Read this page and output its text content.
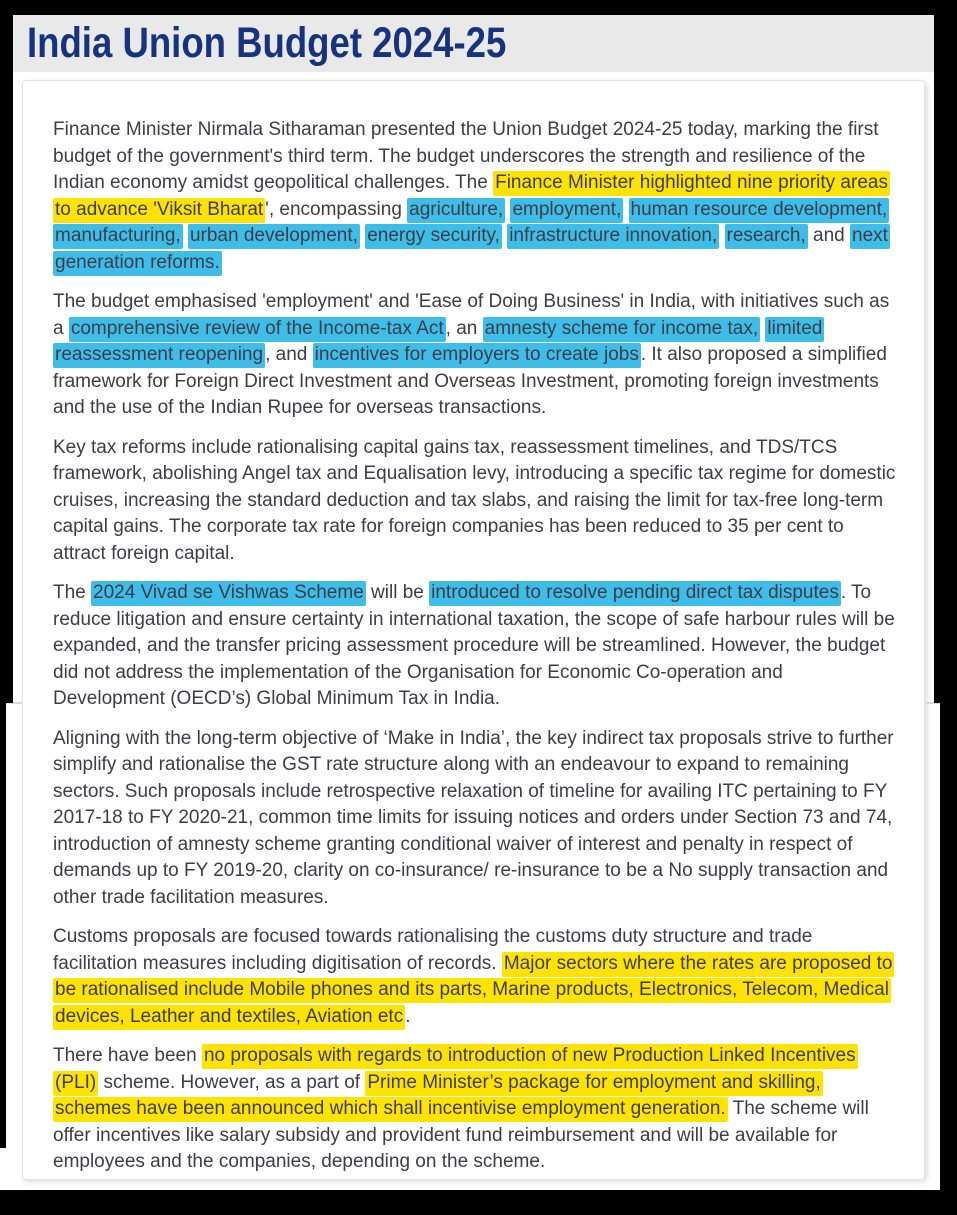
India Union Budget 2024-25

Finance Minister Nirmala Sitharaman presented the Union Budget 2024-25 today, marking the first budget of the government's third term. The budget underscores the strength and resilience of the Indian economy amidst geopolitical challenges. The Finance Minister highlighted nine priority areas to advance 'Viksit Bharat ', encompassing agriculture, employment, human resource development, manufacturing, urban development, energy security, infrastructure innovation, research, and next generation reforms.

The budget emphasised 'employment' and 'Ease of Doing Business' in India, with initiatives such as a comprehensive review of the Income-tax Act , an amnesty scheme for income tax, limited reassessment reopening , and incentives for employers to create jobs . It also proposed a simplified framework for Foreign Direct Investment and Overseas Investment, promoting foreign investments and the use of the Indian Rupee for overseas transactions.

Key tax reforms include rationalising capital gains tax, reassessment timelines, and TDS/TCS framework, abolishing Angel tax and Equalisation levy, introducing a specific tax regime for domestic cruises, increasing the standard deduction and tax slabs, and raising the limit for tax-free long-term capital gains. The corporate tax rate for foreign companies has been reduced to 35 per cent to attract foreign capital.

The 2024 Vivad se Vishwas Scheme will be introduced to resolve pending direct tax disputes . To reduce litigation and ensure certainty in international taxation, the scope of safe harbour rules will be expanded, and the transfer pricing assessment procedure will be streamlined. However, the budget did not address the implementation of the Organisation for Economic Co-operation and Development (OECD’s) Global Minimum Tax in India.

Aligning with the long-term objective of ‘Make in India’, the key indirect tax proposals strive to further simplify and rationalise the GST rate structure along with an endeavour to expand to remaining sectors. Such proposals include retrospective relaxation of timeline for availing ITC pertaining to FY 2017-18 to FY 2020-21, common time limits for issuing notices and orders under Section 73 and 74, introduction of amnesty scheme granting conditional waiver of interest and penalty in respect of demands up to FY 2019-20, clarity on co-insurance/ re-insurance to be a No supply transaction and other trade facilitation measures.

Customs proposals are focused towards rationalising the customs duty structure and trade facilitation measures including digitisation of records. Major sectors where the rates are proposed to be rationalised include Mobile phones and its parts, Marine products, Electronics, Telecom, Medical devices, Leather and textiles, Aviation etc .

There have been no proposals with regards to introduction of new Production Linked Incentives (PLI) scheme. However, as a part of Prime Minister’s package for employment and skilling, schemes have been announced which shall incentivise employment generation. The scheme will offer incentives like salary subsidy and provident fund reimbursement and will be available for employees and the companies, depending on the scheme.
